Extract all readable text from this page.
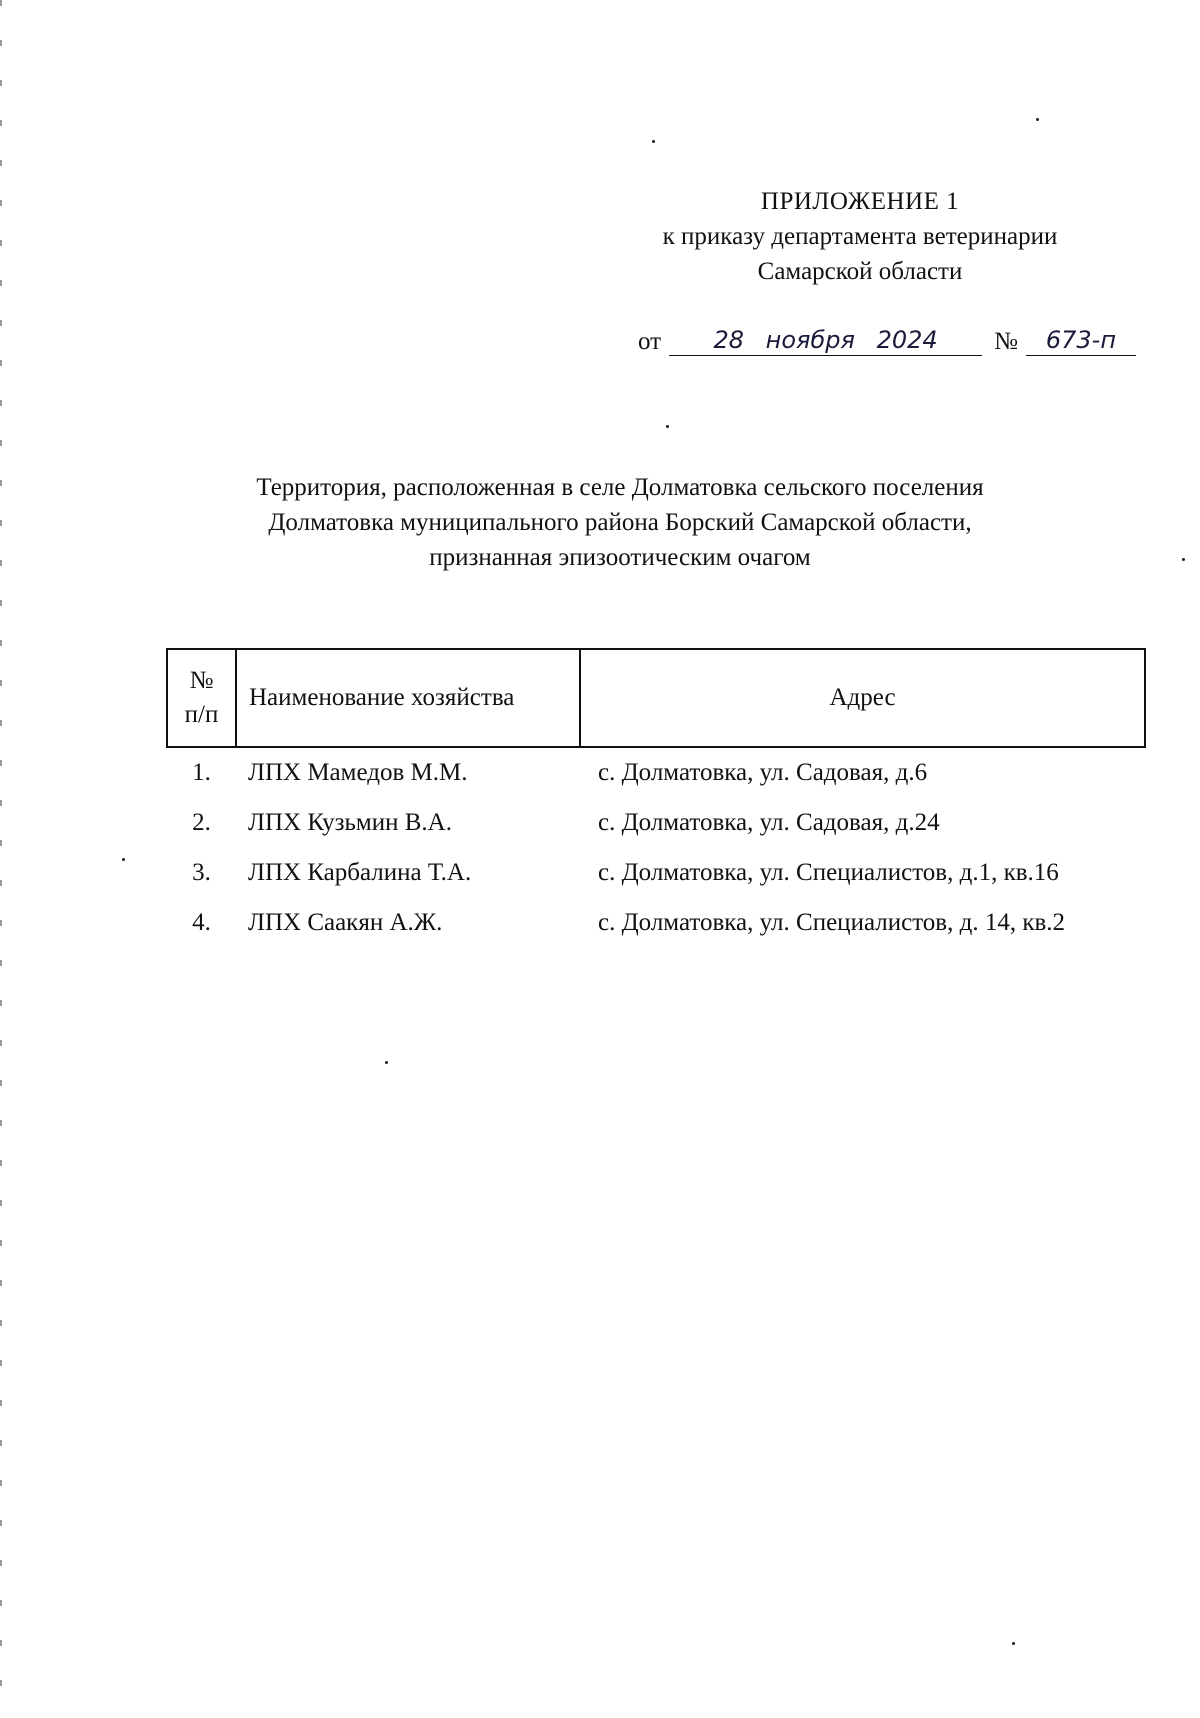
ПРИЛОЖЕНИЕ 1
к приказу департамента ветеринарии
Самарской области
от	28 ноября 2024	№	673-п
Территория, расположенная в селе Долматовка сельского поселения
Долматовка муниципального района Борский Самарской области,
признанная эпизоотическим очагом
№
п/п	Наименование хозяйства	Адрес
1.	ЛПХ Мамедов М.М.	с. Долматовка, ул. Садовая, д.6
2.	ЛПХ Кузьмин В.А.	с. Долматовка, ул. Садовая, д.24
3.	ЛПХ Карбалина Т.А.	с. Долматовка, ул. Специалистов, д.1, кв.16
4.	ЛПХ Саакян А.Ж.	с. Долматовка, ул. Специалистов, д. 14, кв.2
